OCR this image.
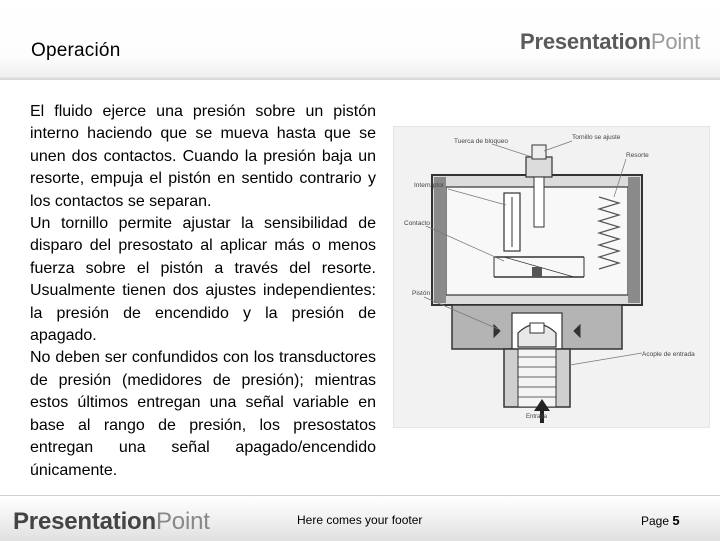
Operación	PresentationPoint

El fluido ejerce una presión sobre un pistón interno haciendo que se mueva hasta que se unen dos contactos. Cuando la presión baja un resorte, empuja el pistón en sentido contrario y los contactos se separan.

Un tornillo permite ajustar la sensibilidad de disparo del presostato al aplicar más o menos fuerza sobre el pistón a través del resorte. Usualmente tienen dos ajustes independientes: la presión de encendido y la presión de apagado.

No deben ser confundidos con los transductores de presión (medidores de presión); mientras estos últimos entregan una señal variable en base al rango de presión, los presostatos entregan una señal apagado/encendido únicamente.

Tornillo se ajuste
Tuerca de bloqueo
Resorte
Interruptor
Contacto
Pistón
Acople de entrada
Entrada
PresentationPoint	Here comes your footer	Page 5
